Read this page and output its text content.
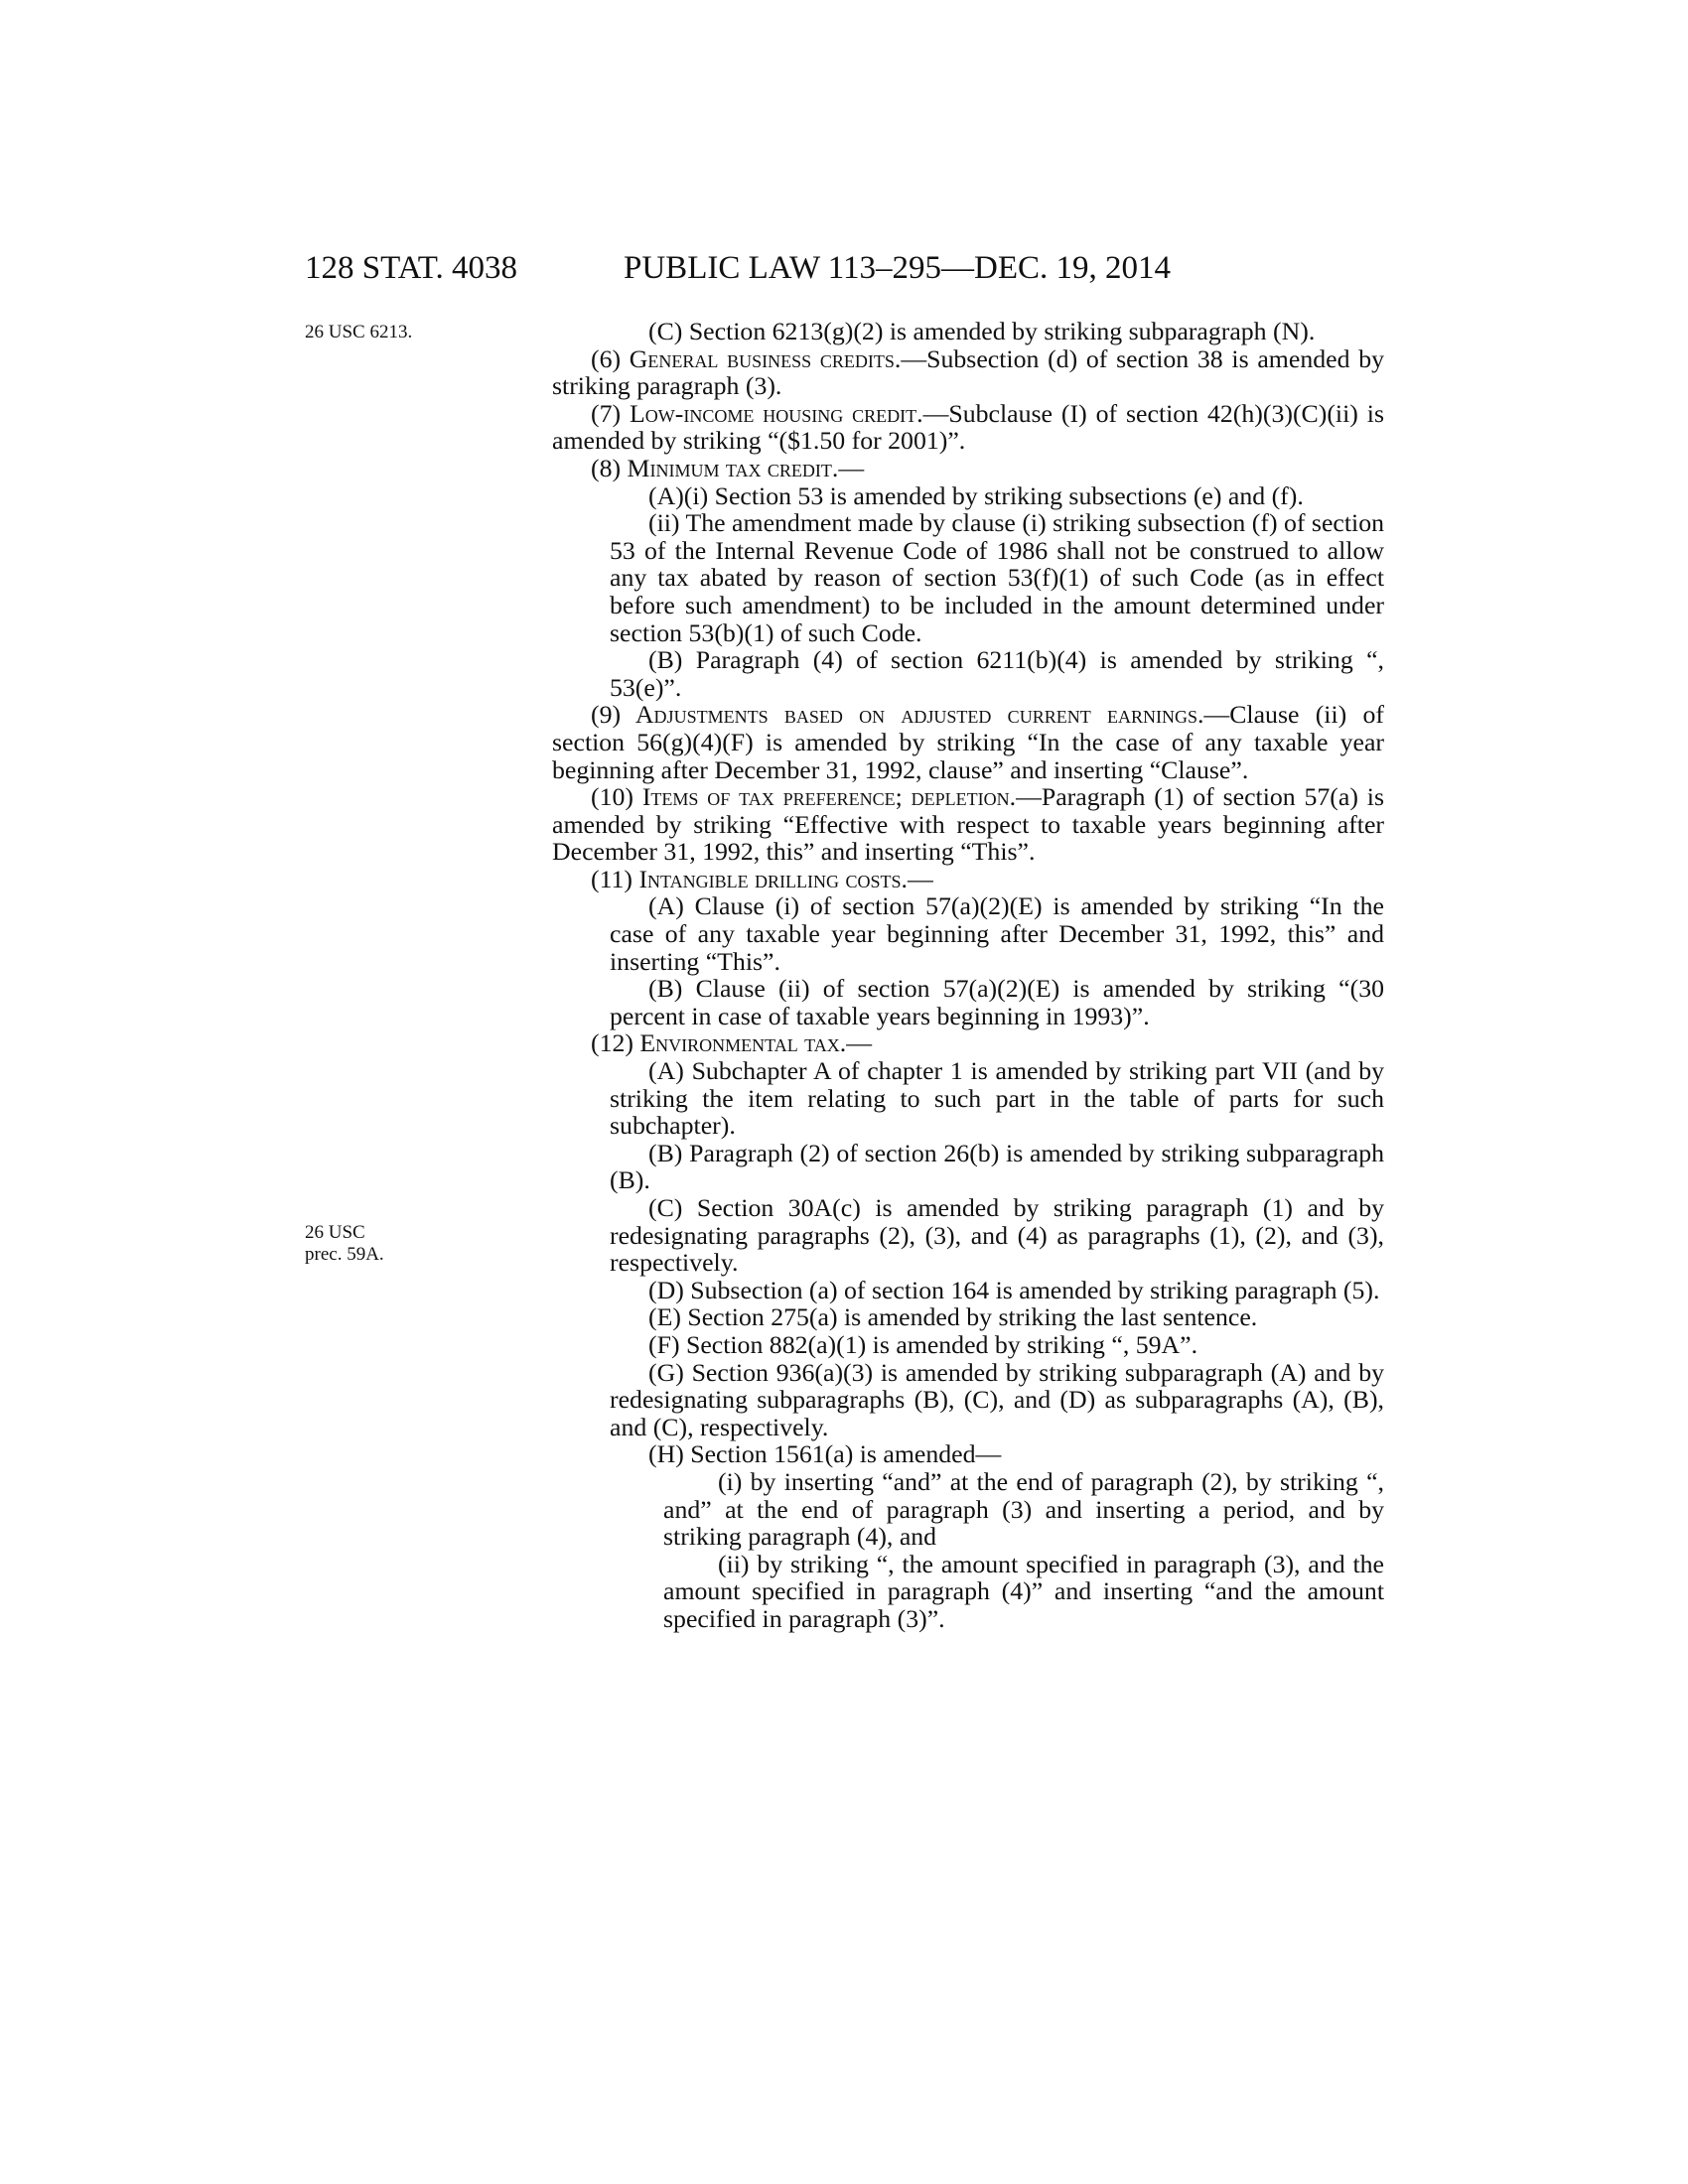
128 STAT. 4038	PUBLIC LAW 113–295—DEC. 19, 2014
26 USC 6213.
26 USC
prec. 59A.

(C) Section 6213(g)(2) is amended by striking subparagraph (N).

(6) General business credits.—Subsection (d) of section 38 is amended by striking paragraph (3).

(7) Low-income housing credit.—Subclause (I) of section 42(h)(3)(C)(ii) is amended by striking “($1.50 for 2001)”.

(8) Minimum tax credit.—

(A)(i) Section 53 is amended by striking subsections (e) and (f).

(ii) The amendment made by clause (i) striking subsection (f) of section 53 of the Internal Revenue Code of 1986 shall not be construed to allow any tax abated by reason of section 53(f)(1) of such Code (as in effect before such amendment) to be included in the amount determined under section 53(b)(1) of such Code.

(B) Paragraph (4) of section 6211(b)(4) is amended by striking “, 53(e)”.

(9) Adjustments based on adjusted current earnings.—Clause (ii) of section 56(g)(4)(F) is amended by striking “In the case of any taxable year beginning after December 31, 1992, clause” and inserting “Clause”.

(10) Items of tax preference; depletion.—Paragraph (1) of section 57(a) is amended by striking “Effective with respect to taxable years beginning after December 31, 1992, this” and inserting “This”.

(11) Intangible drilling costs.—

(A) Clause (i) of section 57(a)(2)(E) is amended by striking “In the case of any taxable year beginning after December 31, 1992, this” and inserting “This”.

(B) Clause (ii) of section 57(a)(2)(E) is amended by striking “(30 percent in case of taxable years beginning in 1993)”.

(12) Environmental tax.—

(A) Subchapter A of chapter 1 is amended by striking part VII (and by striking the item relating to such part in the table of parts for such subchapter).

(B) Paragraph (2) of section 26(b) is amended by striking subparagraph (B).

(C) Section 30A(c) is amended by striking paragraph (1) and by redesignating paragraphs (2), (3), and (4) as paragraphs (1), (2), and (3), respectively.

(D) Subsection (a) of section 164 is amended by striking paragraph (5).

(E) Section 275(a) is amended by striking the last sentence.

(F) Section 882(a)(1) is amended by striking “, 59A”.

(G) Section 936(a)(3) is amended by striking subparagraph (A) and by redesignating subparagraphs (B), (C), and (D) as subparagraphs (A), (B), and (C), respectively.

(H) Section 1561(a) is amended—

(i) by inserting “and” at the end of paragraph (2), by striking “, and” at the end of paragraph (3) and inserting a period, and by striking paragraph (4), and

(ii) by striking “, the amount specified in paragraph (3), and the amount specified in paragraph (4)” and inserting “and the amount specified in paragraph (3)”.
